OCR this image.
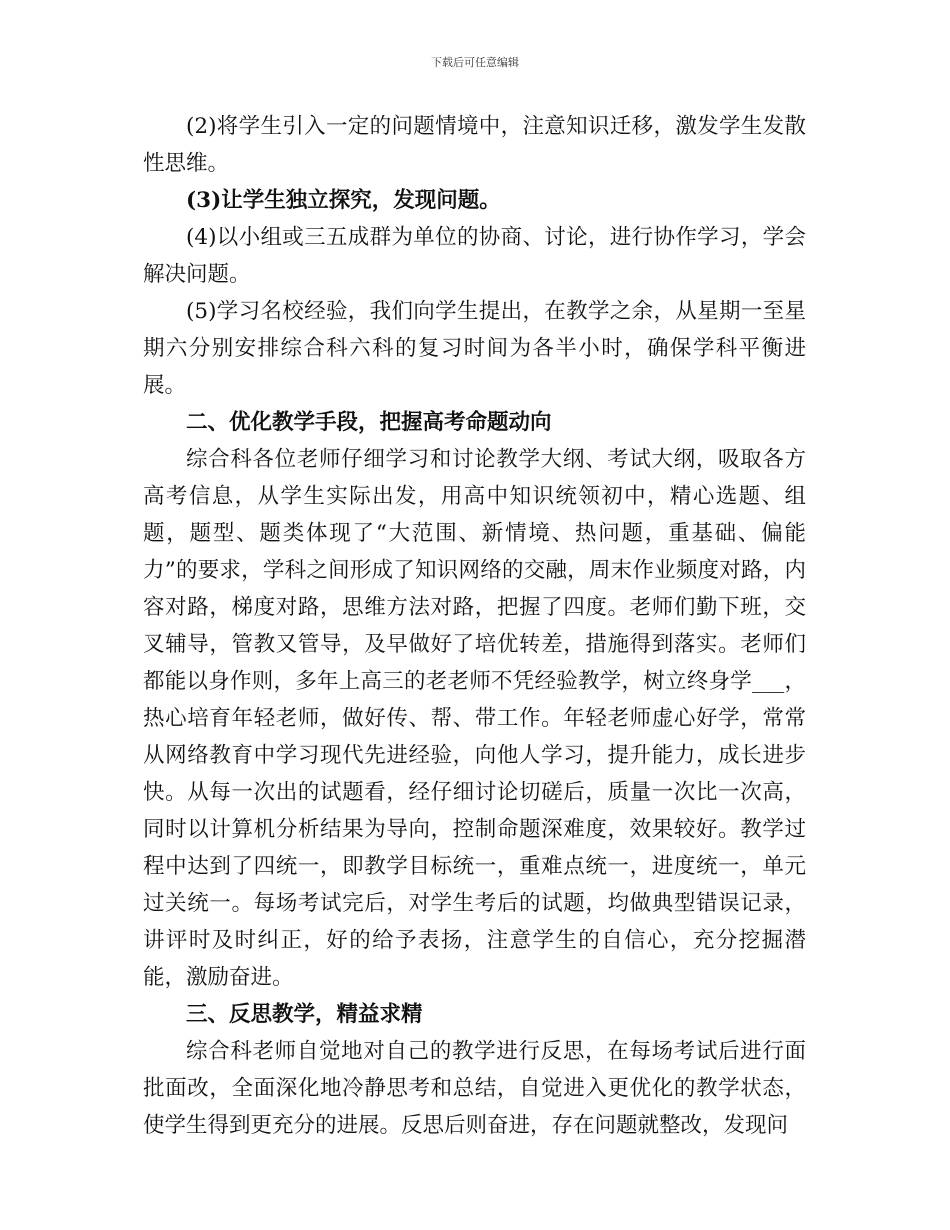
下载后可任意编辑

(2)将学生引入一定的问题情境中，注意知识迁移，激发学生发散性思维。

(3)让学生独立探究，发现问题。

(4)以小组或三五成群为单位的协商、讨论，进行协作学习，学会解决问题。

(5)学习名校经验，我们向学生提出，在教学之余，从星期一至星期六分别安排综合科六科的复习时间为各半小时，确保学科平衡进展。

二、优化教学手段，把握高考命题动向

综合科各位老师仔细学习和讨论教学大纲、考试大纲，吸取各方高考信息，从学生实际出发，用高中知识统领初中，精心选题、组题，题型、题类体现了“大范围、新情境、热问题，重基础、偏能力”的要求，学科之间形成了知识网络的交融，周末作业频度对路，内容对路，梯度对路，思维方法对路，把握了四度。老师们勤下班，交叉辅导，管教又管导，及早做好了培优转差，措施得到落实。老师们都能以身作则，多年上高三的老老师不凭经验教学，树立终身学___，热心培育年轻老师，做好传、帮、带工作。年轻老师虚心好学，常常从网络教育中学习现代先进经验，向他人学习，提升能力，成长进步快。从每一次出的试题看，经仔细讨论切磋后，质量一次比一次高，同时以计算机分析结果为导向，控制命题深难度，效果较好。教学过程中达到了四统一，即教学目标统一，重难点统一，进度统一，单元过关统一。每场考试完后，对学生考后的试题，均做典型错误记录，讲评时及时纠正，好的给予表扬，注意学生的自信心，充分挖掘潜能，激励奋进。

三、反思教学，精益求精

综合科老师自觉地对自己的教学进行反思，在每场考试后进行面批面改，全面深化地冷静思考和总结，自觉进入更优化的教学状态，使学生得到更充分的进展。反思后则奋进，存在问题就整改，发现问
